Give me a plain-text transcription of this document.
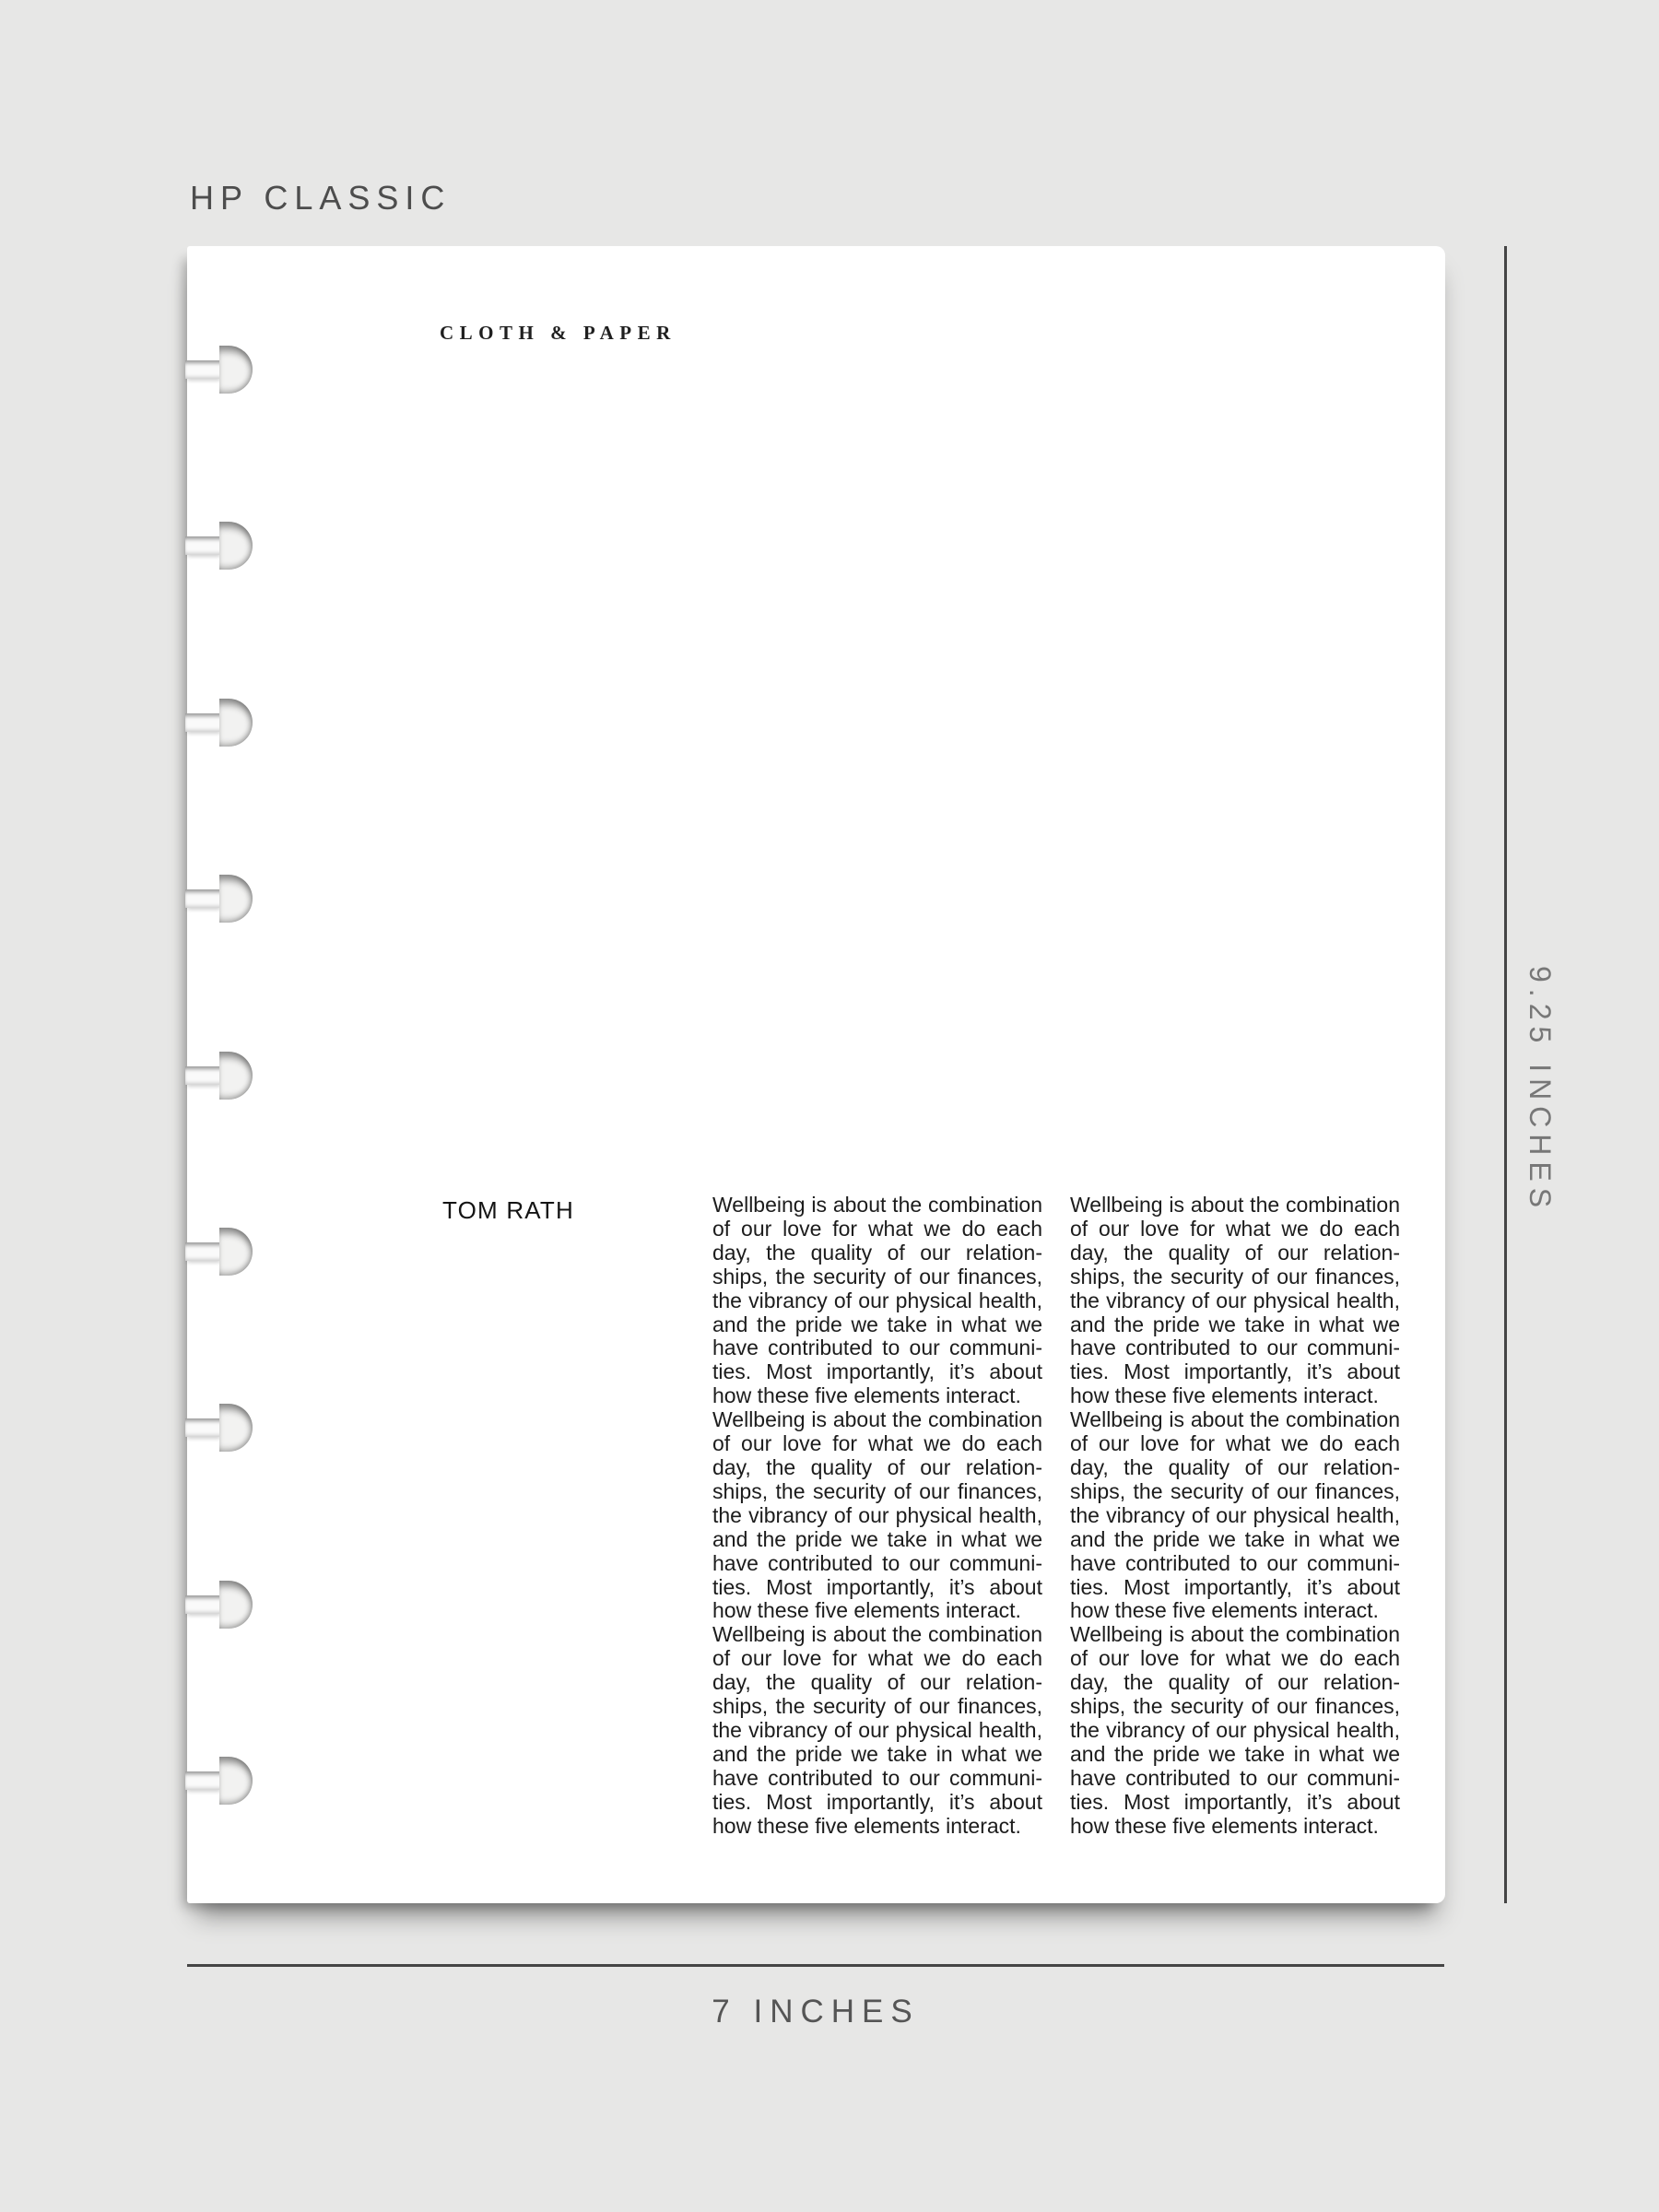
HP CLASSIC
CLOTH & PAPER
TOM RATH	Wellbeing is about the combination of our love for what we do each day, the quality of our relationships, the security of our finances, the vibrancy of our physical health, and the pride we take in what we have contributed to our communities. Most importantly, it’s about how these five elements interact.

Wellbeing is about the combination of our love for what we do each day, the quality of our relationships, the security of our finances, the vibrancy of our physical health, and the pride we take in what we have contributed to our communities. Most importantly, it’s about how these five elements interact.

Wellbeing is about the combination of our love for what we do each day, the quality of our relationships, the security of our finances, the vibrancy of our physical health, and the pride we take in what we have contributed to our communities. Most importantly, it’s about how these five elements interact.

Wellbeing is about the combination of our love for what we do each day, the quality of our relationships, the security of our finances, the vibrancy of our physical health, and the pride we take in what we have contributed to our communities. Most importantly, it’s about how these five elements interact.

Wellbeing is about the combination of our love for what we do each day, the quality of our relationships, the security of our finances, the vibrancy of our physical health, and the pride we take in what we have contributed to our communities. Most importantly, it’s about how these five elements interact.

Wellbeing is about the combination of our love for what we do each day, the quality of our relationships, the security of our finances, the vibrancy of our physical health, and the pride we take in what we have contributed to our communities. Most importantly, it’s about how these five elements interact.

9.25 INCHES
7 INCHES
